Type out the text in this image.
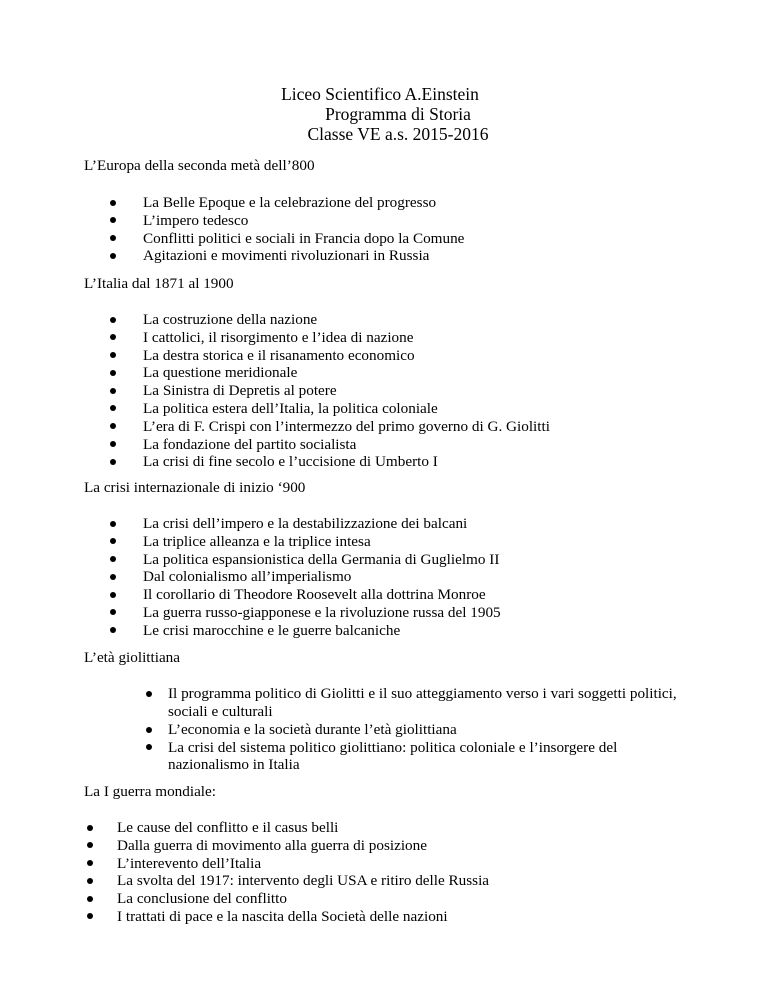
Liceo Scientifico A.Einstein
Programma di Storia
Classe VE a.s. 2015-2016
L’Europa della seconda metà dell’800
La Belle Epoque e la celebrazione del progresso
L’impero tedesco
Conflitti politici e sociali in Francia dopo la Comune
Agitazioni e movimenti rivoluzionari in Russia
L’Italia dal 1871 al 1900
La costruzione della nazione
I cattolici, il risorgimento e l’idea di nazione
La destra storica e il risanamento economico
La questione meridionale
La Sinistra di Depretis al potere
La politica estera dell’Italia, la politica coloniale
L’era di F. Crispi con l’intermezzo del primo governo di G. Giolitti
La fondazione del partito socialista
La crisi di fine secolo e l’uccisione di Umberto I
La crisi internazionale di inizio ‘900
La crisi dell’impero e la destabilizzazione dei balcani
La triplice alleanza e la triplice intesa
La politica espansionistica della Germania di Guglielmo II
Dal colonialismo all’imperialismo
Il corollario di Theodore Roosevelt alla dottrina Monroe
La guerra russo-giapponese e la rivoluzione russa del 1905
Le crisi marocchine e le guerre balcaniche
L’età giolittiana
Il programma politico di Giolitti e il suo atteggiamento verso i vari soggetti politici, sociali e culturali
L’economia e la società durante l’età giolittiana
La crisi del sistema politico giolittiano: politica coloniale e l’insorgere del nazionalismo in Italia
La I guerra mondiale:
Le cause del conflitto e il casus belli
Dalla guerra di movimento alla guerra di posizione
L’interevento dell’Italia
La svolta del 1917: intervento degli USA e ritiro delle Russia
La conclusione del conflitto
I trattati di pace e la nascita della Società delle nazioni
